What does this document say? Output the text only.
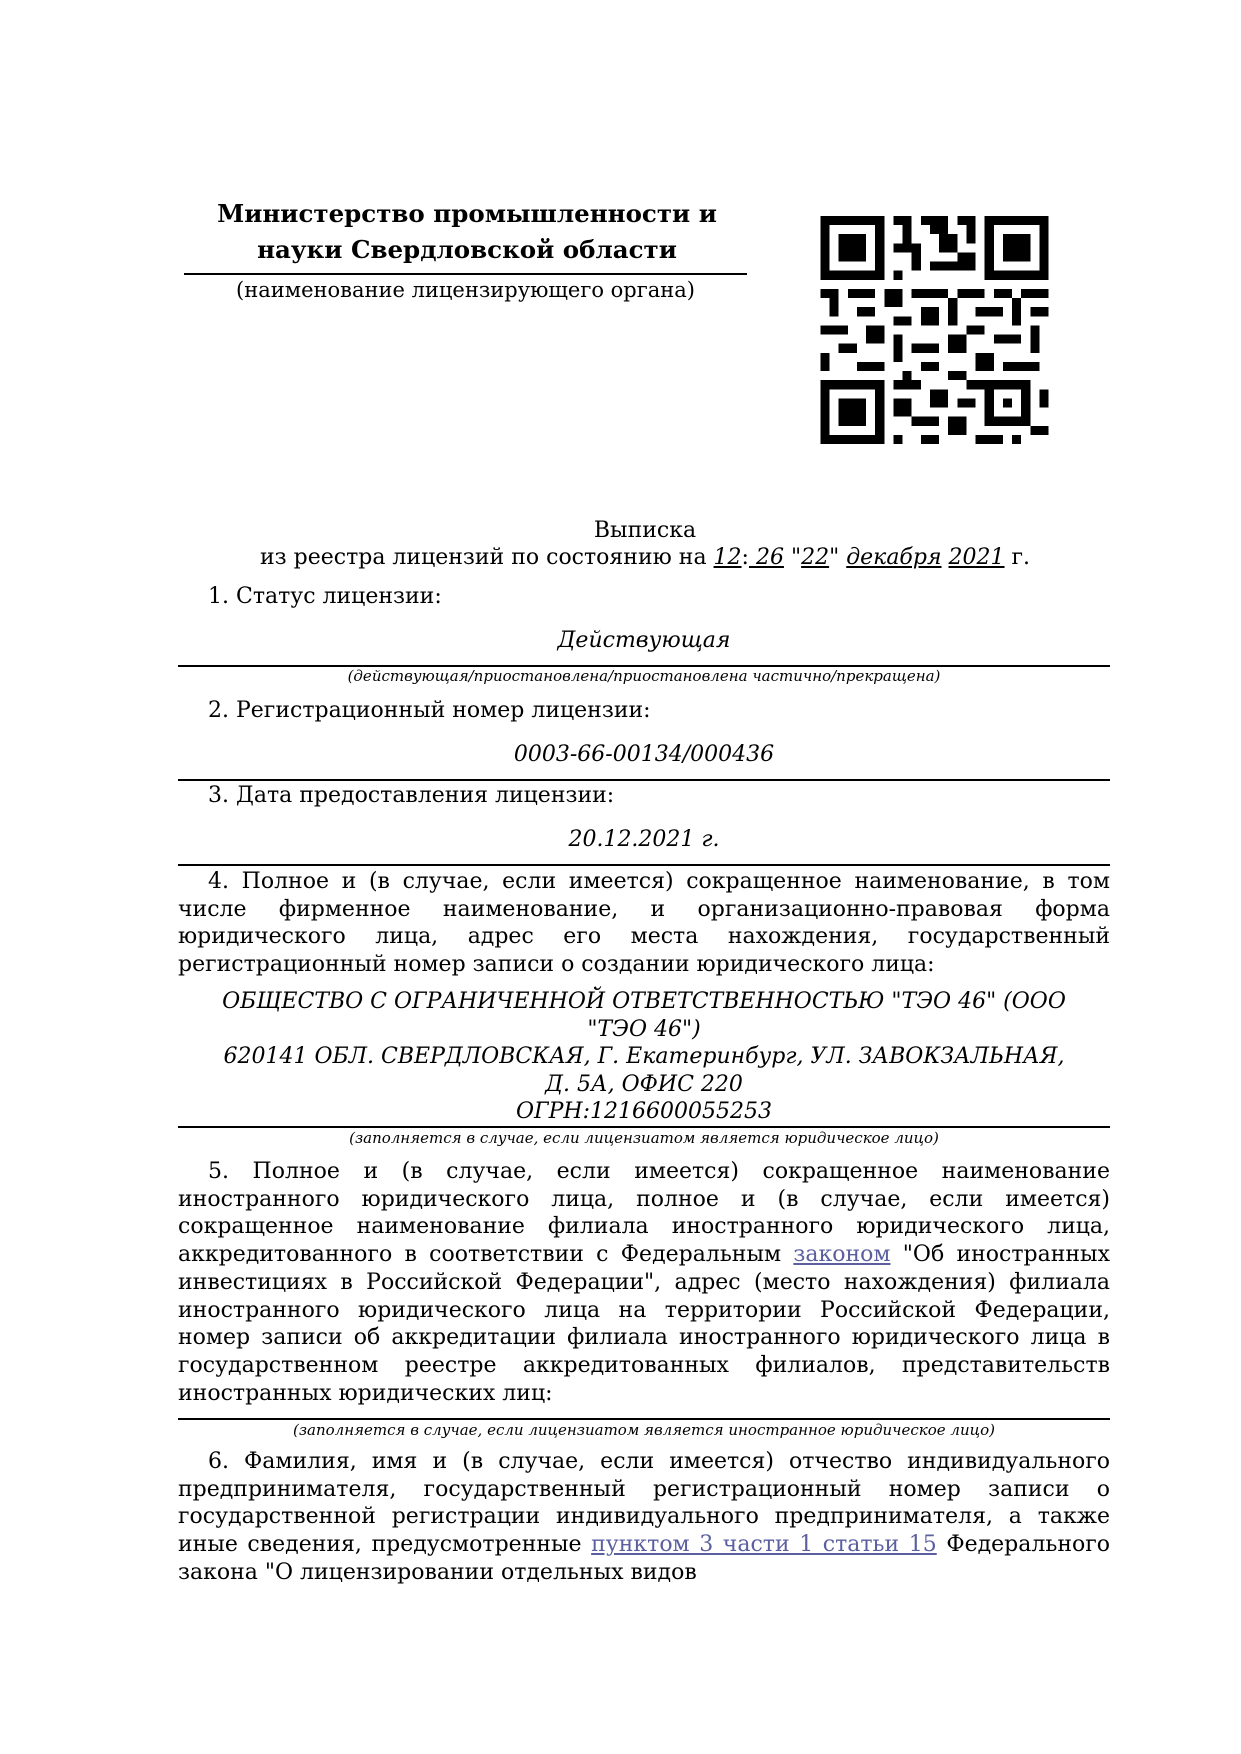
Министерство промышленности и
науки Свердловской области
(наименование лицензирующего органа)
Выписка
из реестра лицензий по состоянию на 12: 26 "22" декабря 2021 г.
1. Статус лицензии:
Действующая
(действующая/приостановлена/приостановлена частично/прекращена)
2. Регистрационный номер лицензии:
0003-66-00134/000436
3. Дата предоставления лицензии:
20.12.2021 г.
4. Полное и (в случае, если имеется) сокращенное наименование, в том числе фирменное наименование, и организационно-правовая форма юридического лица, адрес его места нахождения, государственный регистрационный номер записи о создании юридического лица:
ОБЩЕСТВО С ОГРАНИЧЕННОЙ ОТВЕТСТВЕННОСТЬЮ "ТЭО 46" (ООО
"ТЭО 46")
620141 ОБЛ. СВЕРДЛОВСКАЯ, Г. Екатеринбург, УЛ. ЗАВОКЗАЛЬНАЯ,
Д. 5А, ОФИС 220
ОГРН:1216600055253
(заполняется в случае, если лицензиатом является юридическое лицо)
5. Полное и (в случае, если имеется) сокращенное наименование иностранного юридического лица, полное и (в случае, если имеется) сокращенное наименование филиала иностранного юридического лица, аккредитованного в соответствии с Федеральным законом "Об иностранных инвестициях в Российской Федерации", адрес (место нахождения) филиала иностранного юридического лица на территории Российской Федерации, номер записи об аккредитации филиала иностранного юридического лица в государственном реестре аккредитованных филиалов, представительств иностранных юридических лиц:
(заполняется в случае, если лицензиатом является иностранное юридическое лицо)
6. Фамилия, имя и (в случае, если имеется) отчество индивидуального предпринимателя, государственный регистрационный номер записи о государственной регистрации индивидуального предпринимателя, а также иные сведения, предусмотренные пунктом 3 части 1 статьи 15 Федерального закона "О лицензировании отдельных видов
